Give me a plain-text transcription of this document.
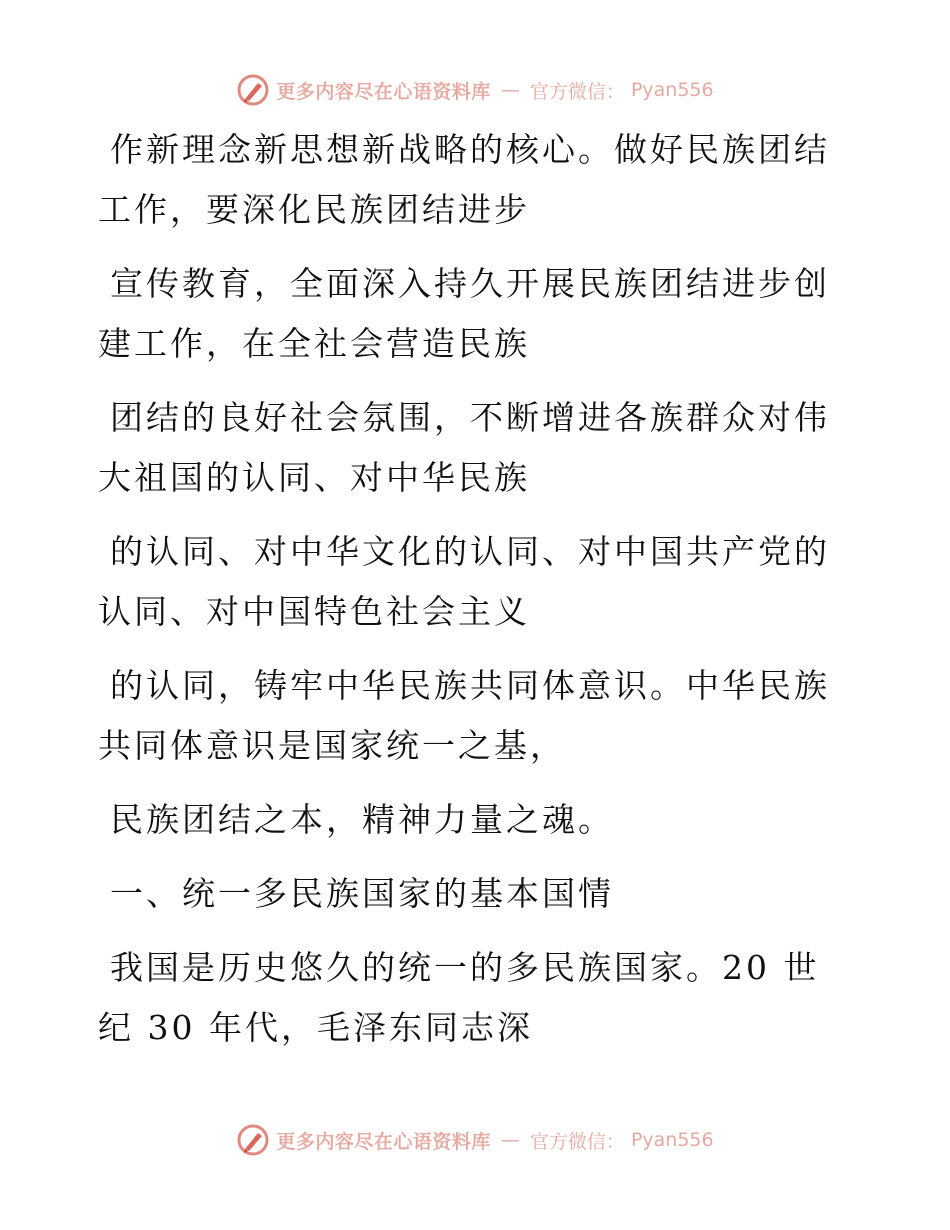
更多内容尽在心语资料库 — 官方微信： Pyan556

作新理念新思想新战略的核心。做好民族团结工作，要深化民族团结进步

宣传教育，全面深入持久开展民族团结进步创建工作，在全社会营造民族

团结的良好社会氛围，不断增进各族群众对伟大祖国的认同、对中华民族

的认同、对中华文化的认同、对中国共产党的认同、对中国特色社会主义

的认同，铸牢中华民族共同体意识。中华民族共同体意识是国家统一之基，

民族团结之本，精神力量之魂。

一、统一多民族国家的基本国情

我国是历史悠久的统一的多民族国家。20 世纪 30 年代，毛泽东同志深

更多内容尽在心语资料库 — 官方微信： Pyan556
